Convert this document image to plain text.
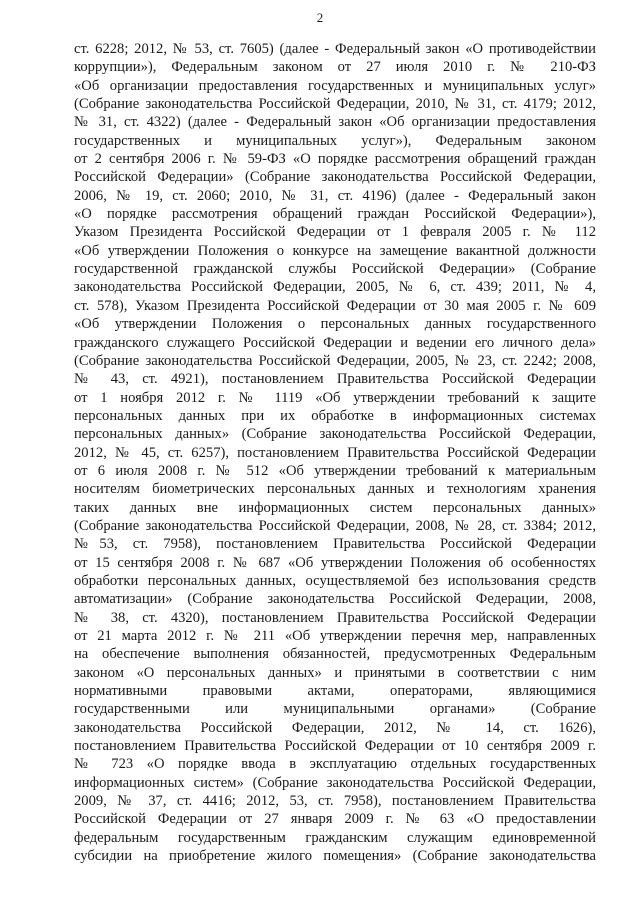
2
ст. 6228; 2012, № 53, ст. 7605) (далее - Федеральный закон «О противодействии
коррупции»), Федеральным законом от 27 июля 2010 г. № 210-ФЗ
«Об организации предоставления государственных и муниципальных услуг»
(Собрание законодательства Российской Федерации, 2010, № 31, ст. 4179; 2012,
№ 31, ст. 4322) (далее - Федеральный закон «Об организации предоставления
государственных и муниципальных услуг»), Федеральным законом
от 2 сентября 2006 г. № 59-ФЗ «О порядке рассмотрения обращений граждан
Российской Федерации» (Собрание законодательства Российской Федерации,
2006, № 19, ст. 2060; 2010, № 31, ст. 4196) (далее - Федеральный закон
«О порядке рассмотрения обращений граждан Российской Федерации»),
Указом Президента Российской Федерации от 1 февраля 2005 г. № 112
«Об утверждении Положения о конкурсе на замещение вакантной должности
государственной гражданской службы Российской Федерации» (Собрание
законодательства Российской Федерации, 2005, № 6, ст. 439; 2011, № 4,
ст. 578), Указом Президента Российской Федерации от 30 мая 2005 г. № 609
«Об утверждении Положения о персональных данных государственного
гражданского служащего Российской Федерации и ведении его личного дела»
(Собрание законодательства Российской Федерации, 2005, № 23, ст. 2242; 2008,
№ 43, ст. 4921), постановлением Правительства Российской Федерации
от 1 ноября 2012 г. № 1119 «Об утверждении требований к защите
персональных данных при их обработке в информационных системах
персональных данных» (Собрание законодательства Российской Федерации,
2012, № 45, ст. 6257), постановлением Правительства Российской Федерации
от 6 июля 2008 г. № 512 «Об утверждении требований к материальным
носителям биометрических персональных данных и технологиям хранения
таких данных вне информационных систем персональных данных»
(Собрание законодательства Российской Федерации, 2008, № 28, ст. 3384; 2012,
№53, ст. 7958), постановлением Правительства Российской Федерации
от 15 сентября 2008 г. № 687 «Об утверждении Положения об особенностях
обработки персональных данных, осуществляемой без использования средств
автоматизации» (Собрание законодательства Российской Федерации, 2008,
№ 38, ст. 4320), постановлением Правительства Российской Федерации
от 21 марта 2012 г. № 211 «Об утверждении перечня мер, направленных
на обеспечение выполнения обязанностей, предусмотренных Федеральным
законом «О персональных данных» и принятыми в соответствии с ним
нормативными правовыми актами, операторами, являющимися
государственными или муниципальными органами» (Собрание
законодательства Российской Федерации, 2012, № 14, ст. 1626),
постановлением Правительства Российской Федерации от 10 сентября 2009 г.
№ 723 «О порядке ввода в эксплуатацию отдельных государственных
информационных систем» (Собрание законодательства Российской Федерации,
2009, № 37, ст. 4416; 2012, 53, ст. 7958), постановлением Правительства
Российской Федерации от 27 января 2009 г. № 63 «О предоставлении
федеральным государственным гражданским служащим единовременной
субсидии на приобретение жилого помещения» (Собрание законодательства
